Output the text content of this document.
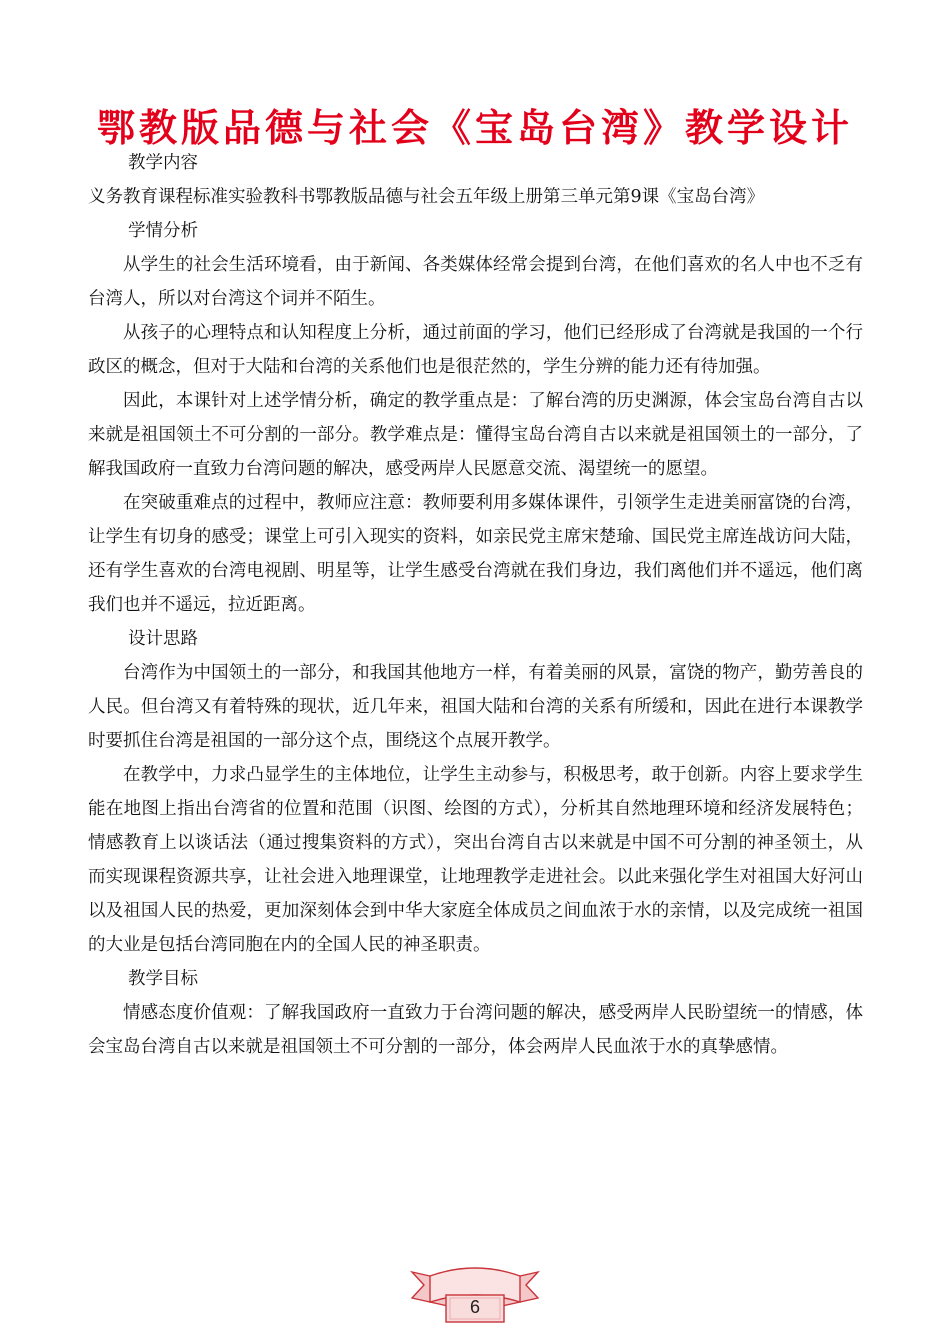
鄂教版品德与社会《宝岛台湾》教学设计

教学内容

义务教育课程标准实验教科书鄂教版品德与社会五年级上册第三单元第9课《宝岛台湾》

学情分析

从学生的社会生活环境看，由于新闻、各类媒体经常会提到台湾，在他们喜欢的名人中也不乏有台湾人，所以对台湾这个词并不陌生。

从孩子的心理特点和认知程度上分析，通过前面的学习，他们已经形成了台湾就是我国的一个行政区的概念，但对于大陆和台湾的关系他们也是很茫然的，学生分辨的能力还有待加强。

因此，本课针对上述学情分析，确定的教学重点是：了解台湾的历史渊源，体会宝岛台湾自古以来就是祖国领土不可分割的一部分。教学难点是：懂得宝岛台湾自古以来就是祖国领土的一部分，了解我国政府一直致力台湾问题的解决，感受两岸人民愿意交流、渴望统一的愿望。

在突破重难点的过程中，教师应注意：教师要利用多媒体课件，引领学生走进美丽富饶的台湾，让学生有切身的感受；课堂上可引入现实的资料，如亲民党主席宋楚瑜、国民党主席连战访问大陆，还有学生喜欢的台湾电视剧、明星等，让学生感受台湾就在我们身边，我们离他们并不遥远，他们离我们也并不遥远，拉近距离。

设计思路

台湾作为中国领土的一部分，和我国其他地方一样，有着美丽的风景，富饶的物产，勤劳善良的人民。但台湾又有着特殊的现状，近几年来，祖国大陆和台湾的关系有所缓和，因此在进行本课教学时要抓住台湾是祖国的一部分这个点，围绕这个点展开教学。

在教学中，力求凸显学生的主体地位，让学生主动参与，积极思考，敢于创新。内容上要求学生能在地图上指出台湾省的位置和范围（识图、绘图的方式），分析其自然地理环境和经济发展特色；情感教育上以谈话法（通过搜集资料的方式），突出台湾自古以来就是中国不可分割的神圣领土，从而实现课程资源共享，让社会进入地理课堂，让地理教学走进社会。以此来强化学生对祖国大好河山以及祖国人民的热爱，更加深刻体会到中华大家庭全体成员之间血浓于水的亲情，以及完成统一祖国的大业是包括台湾同胞在内的全国人民的神圣职责。

教学目标

情感态度价值观：了解我国政府一直致力于台湾问题的解决，感受两岸人民盼望统一的情感，体会宝岛台湾自古以来就是祖国领土不可分割的一部分，体会两岸人民血浓于水的真挚感情。

6
